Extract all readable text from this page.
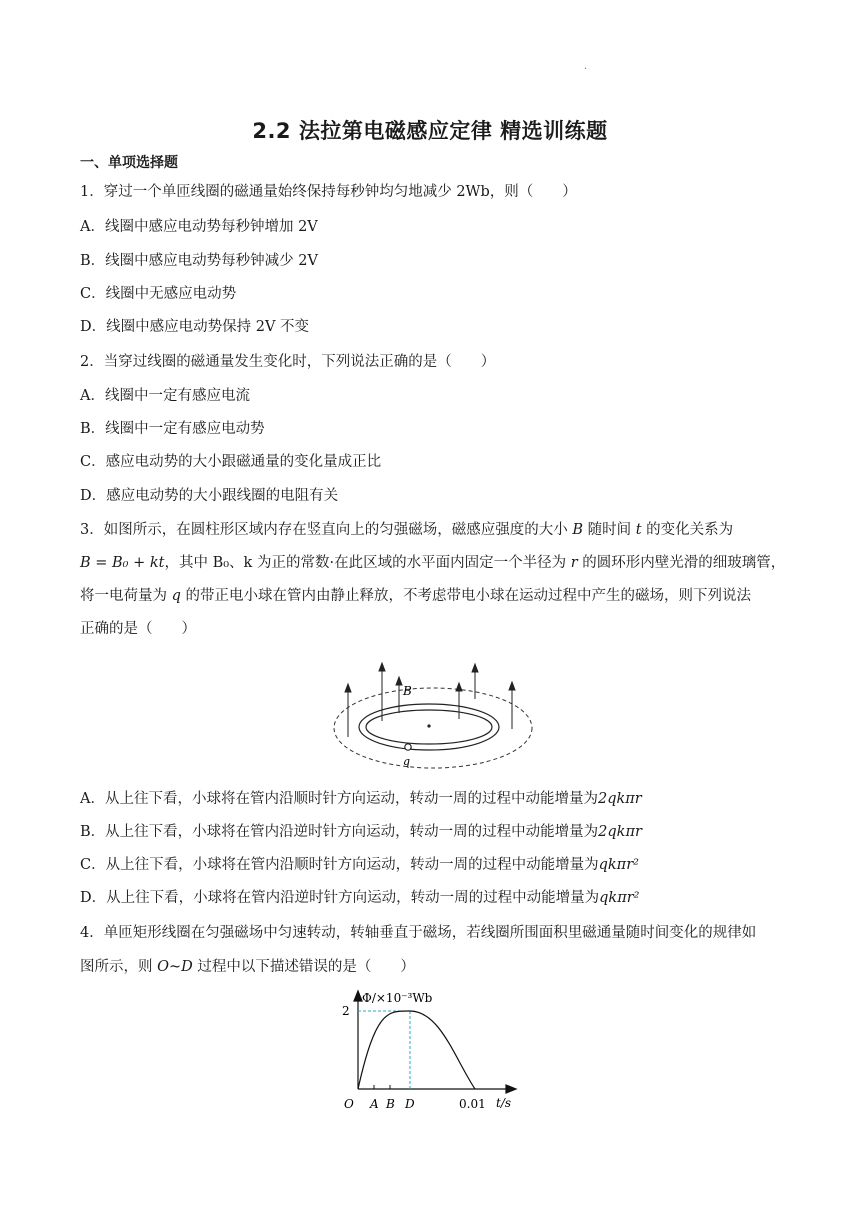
·
2.2 法拉第电磁感应定律 精选训练题
一、单项选择题
1．穿过一个单匝线圈的磁通量始终保持每秒钟均匀地减少 2Wb，则（　　）
A．线圈中感应电动势每秒钟增加 2V
B．线圈中感应电动势每秒钟减少 2V
C．线圈中无感应电动势
D．线圈中感应电动势保持 2V 不变
2．当穿过线圈的磁通量发生变化时，下列说法正确的是（　　）
A．线圈中一定有感应电流
B．线圈中一定有感应电动势
C．感应电动势的大小跟磁通量的变化量成正比
D．感应电动势的大小跟线圈的电阻有关
3．如图所示，在圆柱形区域内存在竖直向上的匀强磁场，磁感应强度的大小 B 随时间 t 的变化关系为
B = B₀ + kt，其中 B₀、k 为正的常数·在此区域的水平面内固定一个半径为 r 的圆环形内壁光滑的细玻璃管，
将一电荷量为 q 的带正电小球在管内由静止释放，不考虑带电小球在运动过程中产生的磁场，则下列说法
正确的是（　　）
B
q
A．从上往下看，小球将在管内沿顺时针方向运动，转动一周的过程中动能增量为2qkπr
B．从上往下看，小球将在管内沿逆时针方向运动，转动一周的过程中动能增量为2qkπr
C．从上往下看，小球将在管内沿顺时针方向运动，转动一周的过程中动能增量为qkπr²
D．从上往下看，小球将在管内沿逆时针方向运动，转动一周的过程中动能增量为qkπr²
4．单匝矩形线圈在匀强磁场中匀速转动，转轴垂直于磁场，若线圈所围面积里磁通量随时间变化的规律如
图所示，则 O~D 过程中以下描述错误的是（　　）
Φ/×10⁻³Wb
t/s
2
O A B D	0.01
